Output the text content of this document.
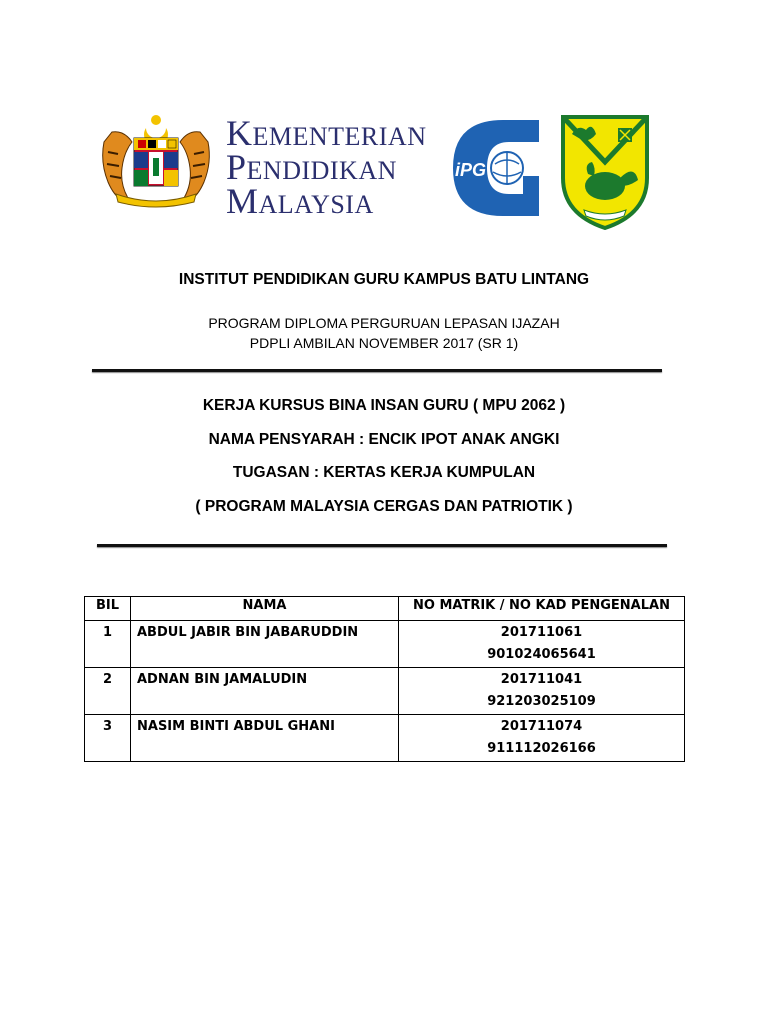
KEMENTERIAN
PENDIDIKAN
MALAYSIA
iPG
INSTITUT PENDIDIKAN GURU KAMPUS BATU LINTANG
PROGRAM DIPLOMA PERGURUAN LEPASAN IJAZAH
PDPLI AMBILAN NOVEMBER 2017 (SR 1)
KERJA KURSUS BINA INSAN GURU ( MPU 2062 )
NAMA PENSYARAH : ENCIK IPOT ANAK ANGKI
TUGASAN : KERTAS KERJA KUMPULAN
( PROGRAM MALAYSIA CERGAS DAN PATRIOTIK )
BIL	NAMA	NO MATRIK / NO KAD PENGENALAN
1	ABDUL JABIR BIN JABARUDDIN	201711061
901024065641

2	ADNAN BIN JAMALUDIN	201711041
921203025109

3	NASIM BINTI ABDUL GHANI	201711074
911112026166
